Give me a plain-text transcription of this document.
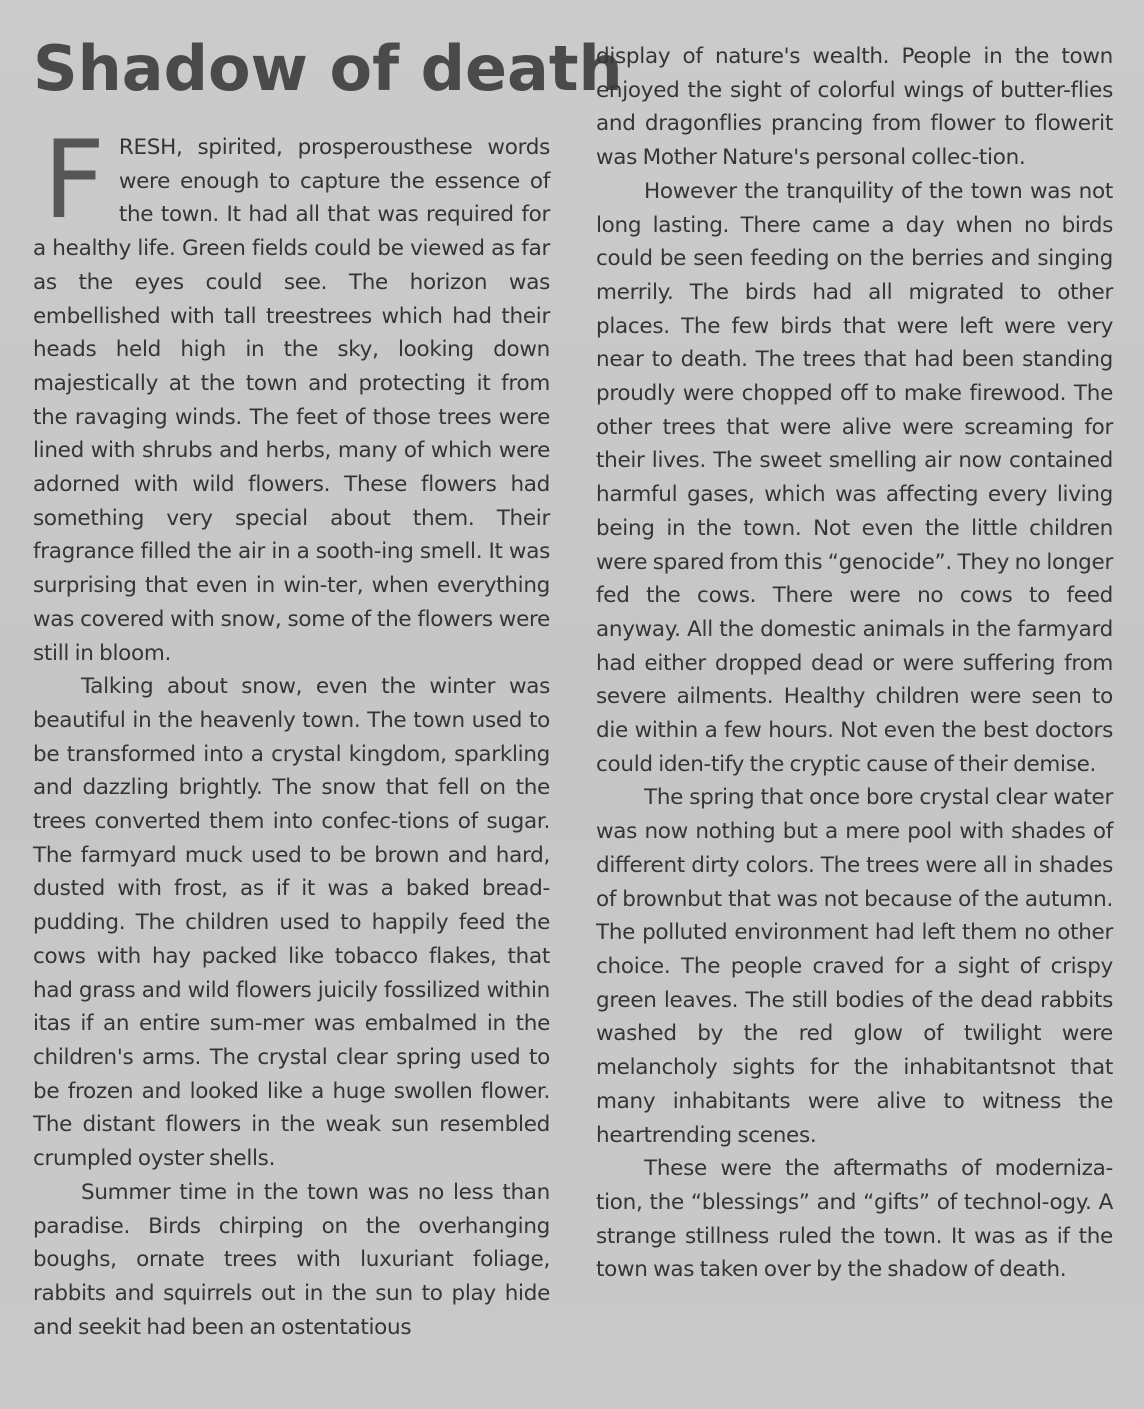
Shadow of death

FRESH, spirited, prosperousthese words were enough to capture the essence of the town. It had all that was required for a healthy life. Green fields could be viewed as far as the eyes could see. The horizon was embellished with tall treestrees which had their heads held high in the sky, looking down majestically at the town and protecting it from the ravaging winds. The feet of those trees were lined with shrubs and herbs, many of which were adorned with wild flowers. These flowers had something very special about them. Their fragrance filled the air in a sooth-ing smell. It was surprising that even in win-ter, when everything was covered with snow, some of the flowers were still in bloom.

Talking about snow, even the winter was beautiful in the heavenly town. The town used to be transformed into a crystal kingdom, sparkling and dazzling brightly. The snow that fell on the trees converted them into confec-tions of sugar. The farmyard muck used to be brown and hard, dusted with frost, as if it was a baked bread-pudding. The children used to happily feed the cows with hay packed like tobacco flakes, that had grass and wild flowers juicily fossilized within itas if an entire sum-mer was embalmed in the children's arms. The crystal clear spring used to be frozen and looked like a huge swollen flower. The distant flowers in the weak sun resembled crumpled oyster shells.

Summer time in the town was no less than paradise. Birds chirping on the overhanging boughs, ornate trees with luxuriant foliage, rabbits and squirrels out in the sun to play hide and seekit had been an ostentatious

display of nature's wealth. People in the town enjoyed the sight of colorful wings of butter-flies and dragonflies prancing from flower to flowerit was Mother Nature's personal collec-tion.

However the tranquility of the town was not long lasting. There came a day when no birds could be seen feeding on the berries and singing merrily. The birds had all migrated to other places. The few birds that were left were very near to death. The trees that had been standing proudly were chopped off to make firewood. The other trees that were alive were screaming for their lives. The sweet smelling air now contained harmful gases, which was affecting every living being in the town. Not even the little children were spared from this “genocide”. They no longer fed the cows. There were no cows to feed anyway. All the domestic animals in the farmyard had either dropped dead or were suffering from severe ailments. Healthy children were seen to die within a few hours. Not even the best doctors could iden-tify the cryptic cause of their demise.

The spring that once bore crystal clear water was now nothing but a mere pool with shades of different dirty colors. The trees were all in shades of brownbut that was not because of the autumn. The polluted environment had left them no other choice. The people craved for a sight of crispy green leaves. The still bodies of the dead rabbits washed by the red glow of twilight were melancholy sights for the inhabitantsnot that many inhabitants were alive to witness the heartrending scenes.

These were the aftermaths of moderniza-tion, the “blessings” and “gifts” of technol-ogy. A strange stillness ruled the town. It was as if the town was taken over by the shadow of death.
